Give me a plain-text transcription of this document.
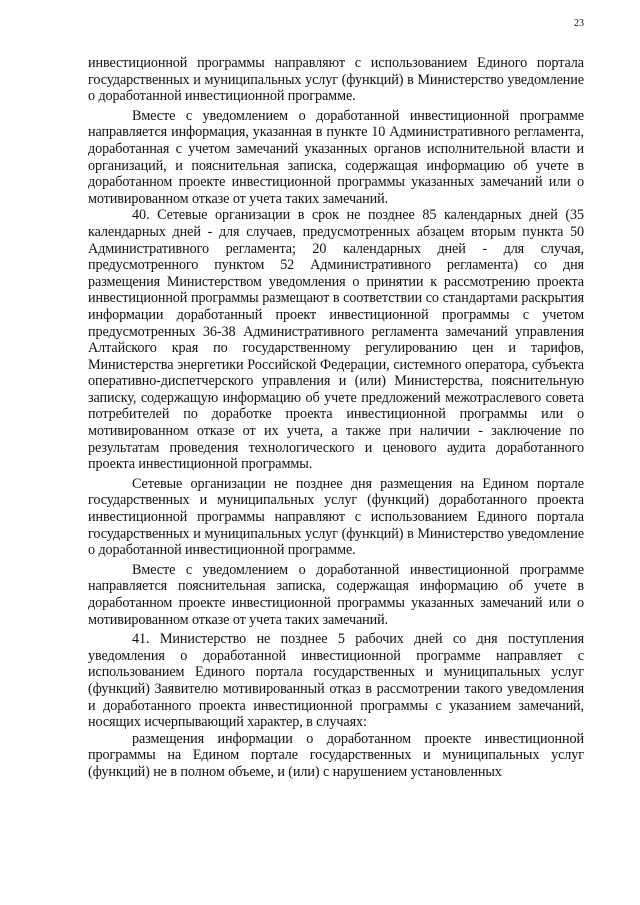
23

инвестиционной программы направляют с использованием Единого портала государственных и муниципальных услуг (функций) в Министерство уведомление о доработанной инвестиционной программе.

Вместе с уведомлением о доработанной инвестиционной программе направляется информация, указанная в пункте 10 Административного регламента, доработанная с учетом замечаний указанных органов исполнительной власти и организаций, и пояснительная записка, содержащая информацию об учете в доработанном проекте инвестиционной программы указанных замечаний или о мотивированном отказе от учета таких замечаний.

40. Сетевые организации в срок не позднее 85 календарных дней (35 календарных дней - для случаев, предусмотренных абзацем вторым пункта 50 Административного регламента; 20 календарных дней - для случая, предусмотренного пунктом 52 Административного регламента) со дня размещения Министерством уведомления о принятии к рассмотрению проекта инвестиционной программы размещают в соответствии со стандартами раскрытия информации доработанный проект инвестиционной программы с учетом предусмотренных 36-38 Административного регламента замечаний управления Алтайского края по государственному регулированию цен и тарифов, Министерства энергетики Российской Федерации, системного оператора, субъекта оперативно-диспетчерского управления и (или) Министерства, пояснительную записку, содержащую информацию об учете предложений межотраслевого совета потребителей по доработке проекта инвестиционной программы или о мотивированном отказе от их учета, а также при наличии - заключение по результатам проведения технологического и ценового аудита доработанного проекта инвестиционной программы.

Сетевые организации не позднее дня размещения на Едином портале государственных и муниципальных услуг (функций) доработанного проекта инвестиционной программы направляют с использованием Единого портала государственных и муниципальных услуг (функций) в Министерство уведомление о доработанной инвестиционной программе.

Вместе с уведомлением о доработанной инвестиционной программе направляется пояснительная записка, содержащая информацию об учете в доработанном проекте инвестиционной программы указанных замечаний или о мотивированном отказе от учета таких замечаний.

41. Министерство не позднее 5 рабочих дней со дня поступления уведомления о доработанной инвестиционной программе направляет с использованием Единого портала государственных и муниципальных услуг (функций) Заявителю мотивированный отказ в рассмотрении такого уведомления и доработанного проекта инвестиционной программы с указанием замечаний, носящих исчерпывающий характер, в случаях:

размещения информации о доработанном проекте инвестиционной программы на Едином портале государственных и муниципальных услуг (функций) не в полном объеме, и (или) с нарушением установленных
